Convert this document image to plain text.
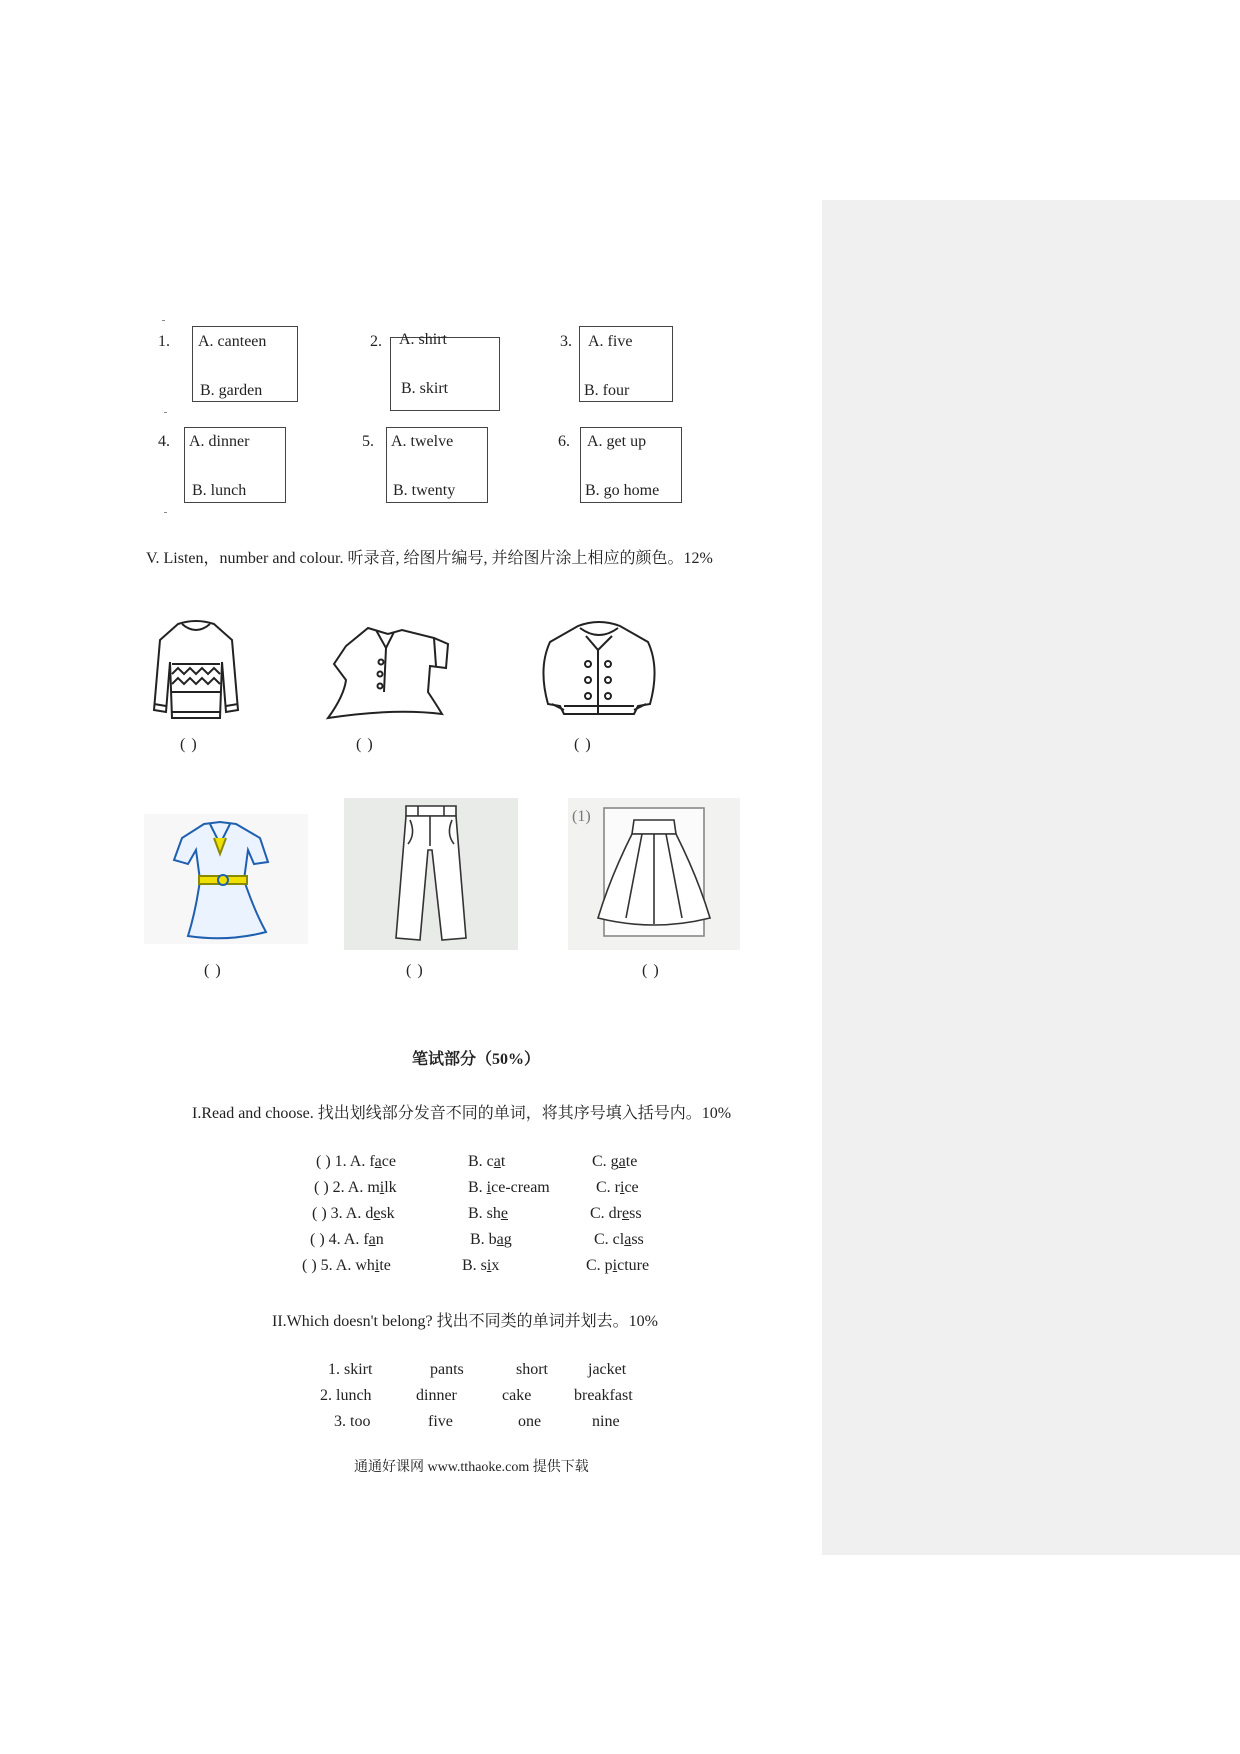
1. A. canteen
B. garden
2. A. shirt
B. skirt
3. A. five
B. four
4. A. dinner
B. lunch
5. A. twelve
B. twenty
6. A. get up
B. go home
V. Listen，number and colour. 听录音, 给图片编号, 并给图片涂上相应的颜色。12%
( )	( )	( )
( )	( )
(1)
( )
笔试部分（50%）
I.Read and choose. 找出划线部分发音不同的单词，将其序号填入括号内。10%
( ) 1. A. face	B. cat	C. gate
( ) 2. A. milk	B. ice-cream	C. rice
( ) 3. A. desk	B. she	C. dress
( ) 4. A. fan	B. bag	C. class
( ) 5. A. white	B. six	C. picture
II.Which doesn't belong? 找出不同类的单词并划去。10%
1. skirt	pants	short	jacket
2. lunch	dinner	cake	breakfast
3. too	five	one	nine
通通好课网 www.tthaoke.com 提供下载
